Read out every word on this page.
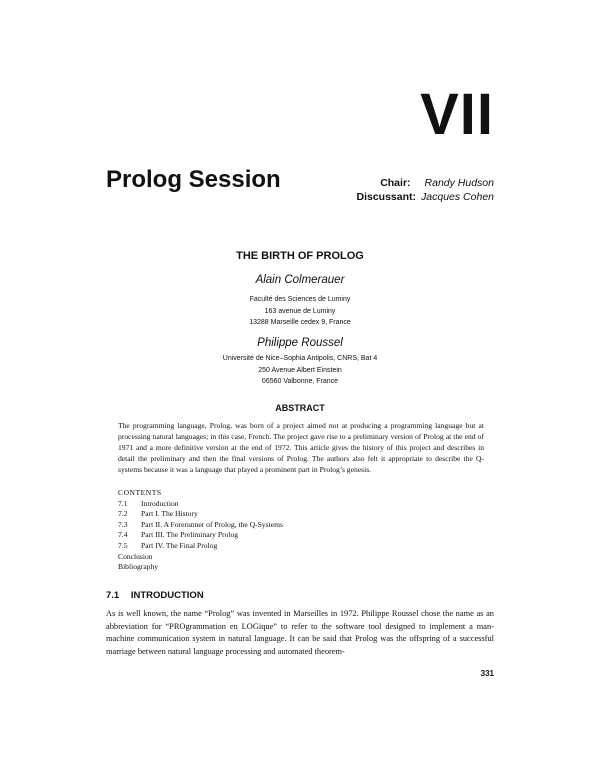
VII
Prolog Session	Chair: Randy Hudson
Discussant: Jacques Cohen
THE BIRTH OF PROLOG
Alain Colmerauer
Faculté des Sciences de Luminy
163 avenue de Luminy
13288 Marseille cedex 9, France
Philippe Roussel
Université de Nice–Sophia Antipolis, CNRS, Bat 4
250 Avenue Albert Einstein
06560 Valbonne, France
ABSTRACT
The programming language, Prolog, was born of a project aimed not at producing a programming language but at processing natural languages; in this case, French. The project gave rise to a preliminary version of Prolog at the end of 1971 and a more definitive version at the end of 1972. This article gives the history of this project and describes in detail the preliminary and then the final versions of Prolog. The authors also felt it appropriate to describe the Q-systems because it was a language that played a prominent part in Prolog’s genesis.
CONTENTS
7.1	Introduction
7.2	Part I. The History
7.3	Part II. A Forerunner of Prolog, the Q-Systems
7.4	Part III. The Preliminary Prolog
7.5	Part IV. The Final Prolog
Conclusion
Bibliography
7.1 INTRODUCTION
As is well known, the name “Prolog” was invented in Marseilles in 1972. Philippe Roussel chose the name as an abbreviation for “PROgrammation en LOGique” to refer to the software tool designed to implement a man-machine communication system in natural language. It can be said that Prolog was the offspring of a successful marriage between natural language processing and automated theorem-
331
